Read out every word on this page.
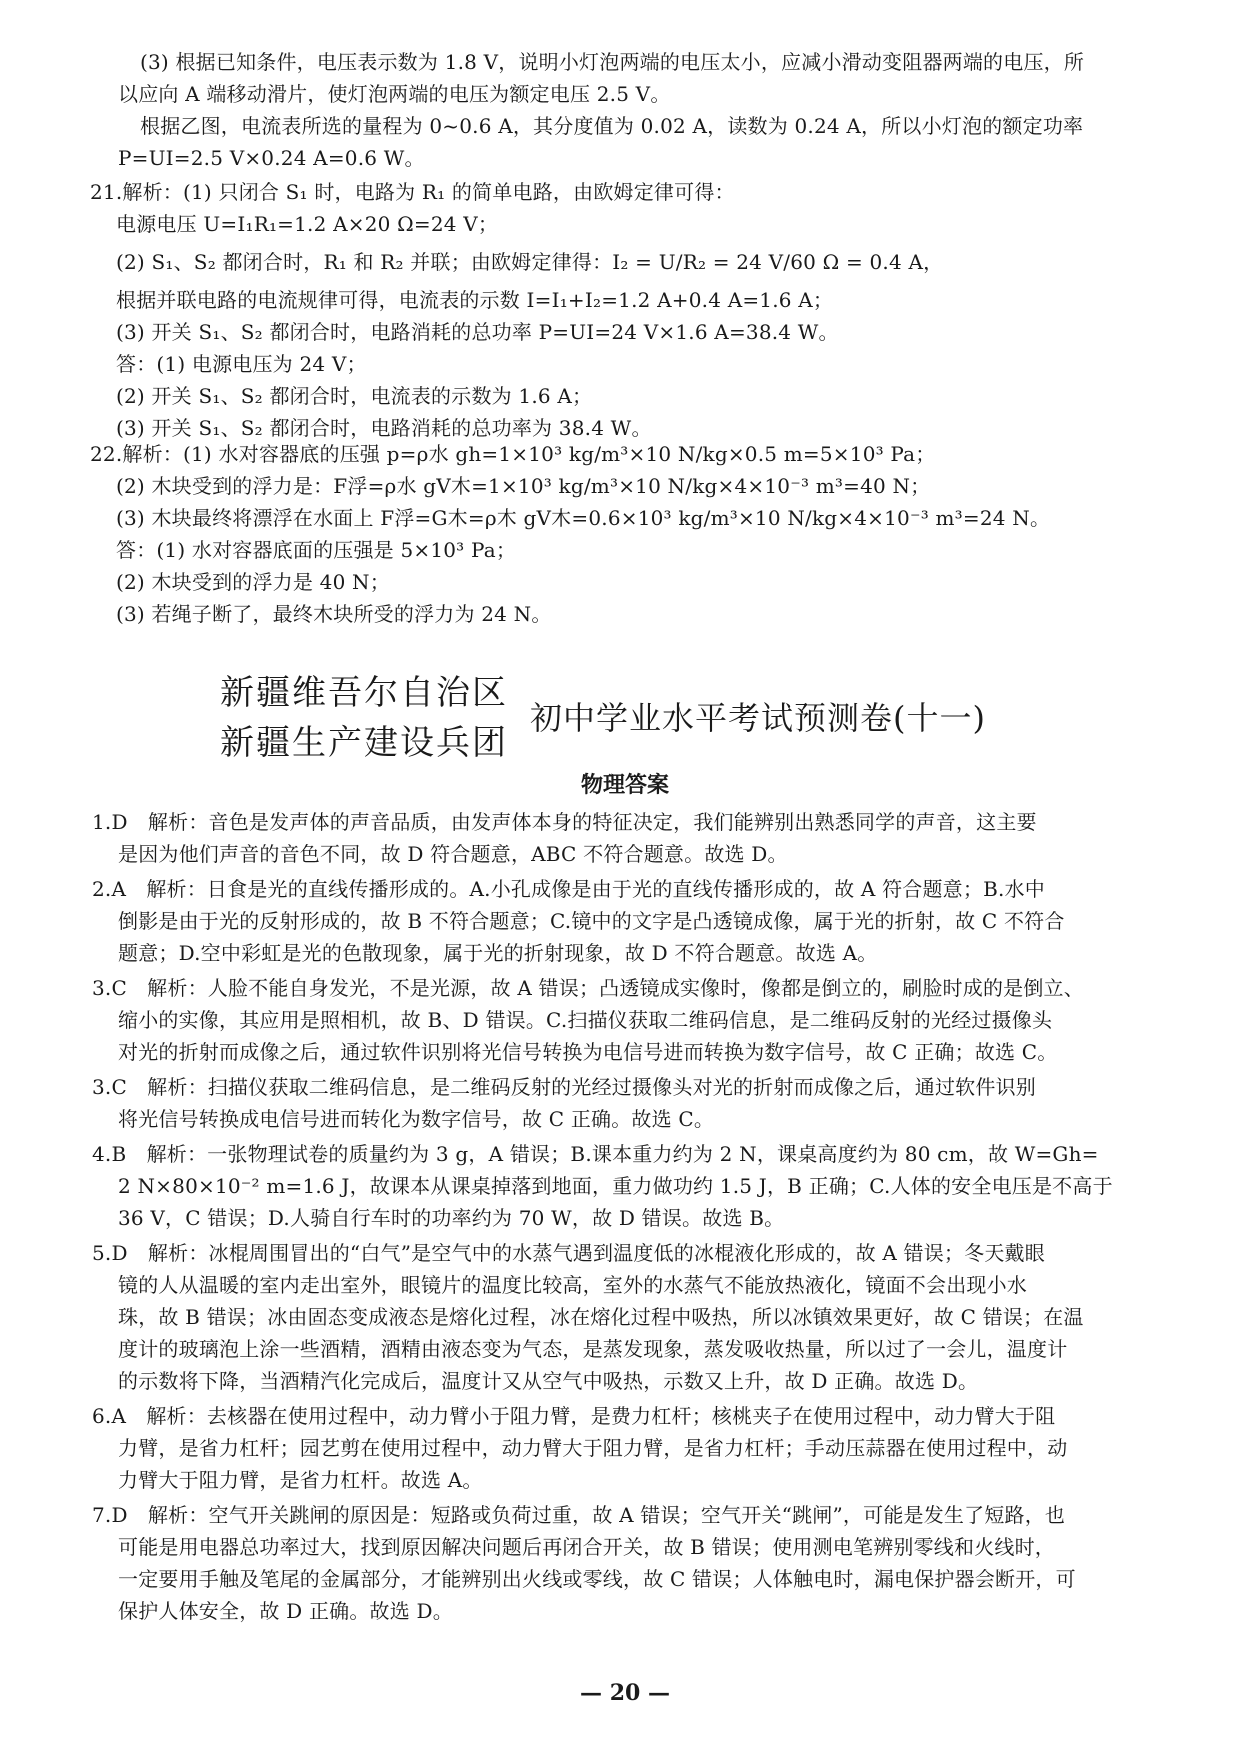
(3) 根据已知条件，电压表示数为 1.8 V，说明小灯泡两端的电压太小，应减小滑动变阻器两端的电压，所
以应向 A 端移动滑片，使灯泡两端的电压为额定电压 2.5 V。
根据乙图，电流表所选的量程为 0~0.6 A，其分度值为 0.02 A，读数为 0.24 A，所以小灯泡的额定功率
P=UI=2.5 V×0.24 A=0.6 W。
21.解析：(1) 只闭合 S₁ 时，电路为 R₁ 的简单电路，由欧姆定律可得：
电源电压 U=I₁R₁=1.2 A×20 Ω=24 V；
(2) S₁、S₂ 都闭合时，R₁ 和 R₂ 并联；由欧姆定律得：I₂ = U/R₂ = 24 V/60 Ω = 0.4 A，
根据并联电路的电流规律可得，电流表的示数 I=I₁+I₂=1.2 A+0.4 A=1.6 A；
(3) 开关 S₁、S₂ 都闭合时，电路消耗的总功率 P=UI=24 V×1.6 A=38.4 W。
答：(1) 电源电压为 24 V；
(2) 开关 S₁、S₂ 都闭合时，电流表的示数为 1.6 A；
(3) 开关 S₁、S₂ 都闭合时，电路消耗的总功率为 38.4 W。
22.解析：(1) 水对容器底的压强 p=ρ水 gh=1×10³ kg/m³×10 N/kg×0.5 m=5×10³ Pa；
(2) 木块受到的浮力是：F浮=ρ水 gV木=1×10³ kg/m³×10 N/kg×4×10⁻³ m³=40 N；
(3) 木块最终将漂浮在水面上 F浮=G木=ρ木 gV木=0.6×10³ kg/m³×10 N/kg×4×10⁻³ m³=24 N。
答：(1) 水对容器底面的压强是 5×10³ Pa；
(2) 木块受到的浮力是 40 N；
(3) 若绳子断了，最终木块所受的浮力为 24 N。
新疆维吾尔自治区
新疆生产建设兵团
初中学业水平考试预测卷(十一)
物理答案
1.D　解析：音色是发声体的声音品质，由发声体本身的特征决定，我们能辨别出熟悉同学的声音，这主要
是因为他们声音的音色不同，故 D 符合题意，ABC 不符合题意。故选 D。
2.A　解析：日食是光的直线传播形成的。A.小孔成像是由于光的直线传播形成的，故 A 符合题意；B.水中
倒影是由于光的反射形成的，故 B 不符合题意；C.镜中的文字是凸透镜成像，属于光的折射，故 C 不符合
题意；D.空中彩虹是光的色散现象，属于光的折射现象，故 D 不符合题意。故选 A。
3.C　解析：人脸不能自身发光，不是光源，故 A 错误；凸透镜成实像时，像都是倒立的，刷脸时成的是倒立、
缩小的实像，其应用是照相机，故 B、D 错误。C.扫描仪获取二维码信息，是二维码反射的光经过摄像头
对光的折射而成像之后，通过软件识别将光信号转换为电信号进而转换为数字信号，故 C 正确；故选 C。
3.C　解析：扫描仪获取二维码信息，是二维码反射的光经过摄像头对光的折射而成像之后，通过软件识别
将光信号转换成电信号进而转化为数字信号，故 C 正确。故选 C。
4.B　解析：一张物理试卷的质量约为 3 g，A 错误；B.课本重力约为 2 N，课桌高度约为 80 cm，故 W=Gh=
2 N×80×10⁻² m=1.6 J，故课本从课桌掉落到地面，重力做功约 1.5 J，B 正确；C.人体的安全电压是不高于
36 V，C 错误；D.人骑自行车时的功率约为 70 W，故 D 错误。故选 B。
5.D　解析：冰棍周围冒出的“白气”是空气中的水蒸气遇到温度低的冰棍液化形成的，故 A 错误；冬天戴眼
镜的人从温暖的室内走出室外，眼镜片的温度比较高，室外的水蒸气不能放热液化，镜面不会出现小水
珠，故 B 错误；冰由固态变成液态是熔化过程，冰在熔化过程中吸热，所以冰镇效果更好，故 C 错误；在温
度计的玻璃泡上涂一些酒精，酒精由液态变为气态，是蒸发现象，蒸发吸收热量，所以过了一会儿，温度计
的示数将下降，当酒精汽化完成后，温度计又从空气中吸热，示数又上升，故 D 正确。故选 D。
6.A　解析：去核器在使用过程中，动力臂小于阻力臂，是费力杠杆；核桃夹子在使用过程中，动力臂大于阻
力臂，是省力杠杆；园艺剪在使用过程中，动力臂大于阻力臂，是省力杠杆；手动压蒜器在使用过程中，动
力臂大于阻力臂，是省力杠杆。故选 A。
7.D　解析：空气开关跳闸的原因是：短路或负荷过重，故 A 错误；空气开关“跳闸”，可能是发生了短路，也
可能是用电器总功率过大，找到原因解决问题后再闭合开关，故 B 错误；使用测电笔辨别零线和火线时，
一定要用手触及笔尾的金属部分，才能辨别出火线或零线，故 C 错误；人体触电时，漏电保护器会断开，可
保护人体安全，故 D 正确。故选 D。
— 20 —
